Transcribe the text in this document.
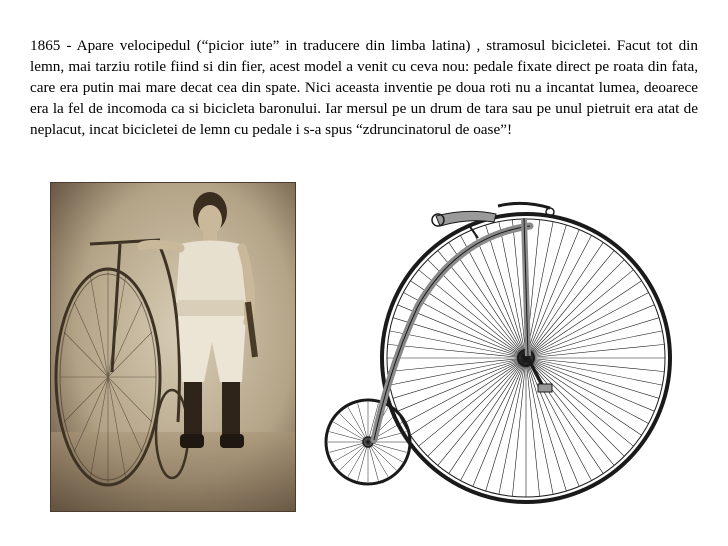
1865 - Apare velocipedul (“picior iute” in traducere din limba latina) , stramosul bicicletei. Facut tot din lemn, mai tarziu rotile fiind si din fier, acest model a venit cu ceva nou: pedale fixate direct pe roata din fata, care era putin mai mare decat cea din spate. Nici aceasta inventie pe doua roti nu a incantat lumea, deoarece era la fel de incomoda ca si bicicleta baronului. Iar mersul pe un drum de tara sau pe unul pietruit era atat de neplacut, incat bicicletei de lemn cu pedale i s-a spus “zdruncinatorul de oase”!
